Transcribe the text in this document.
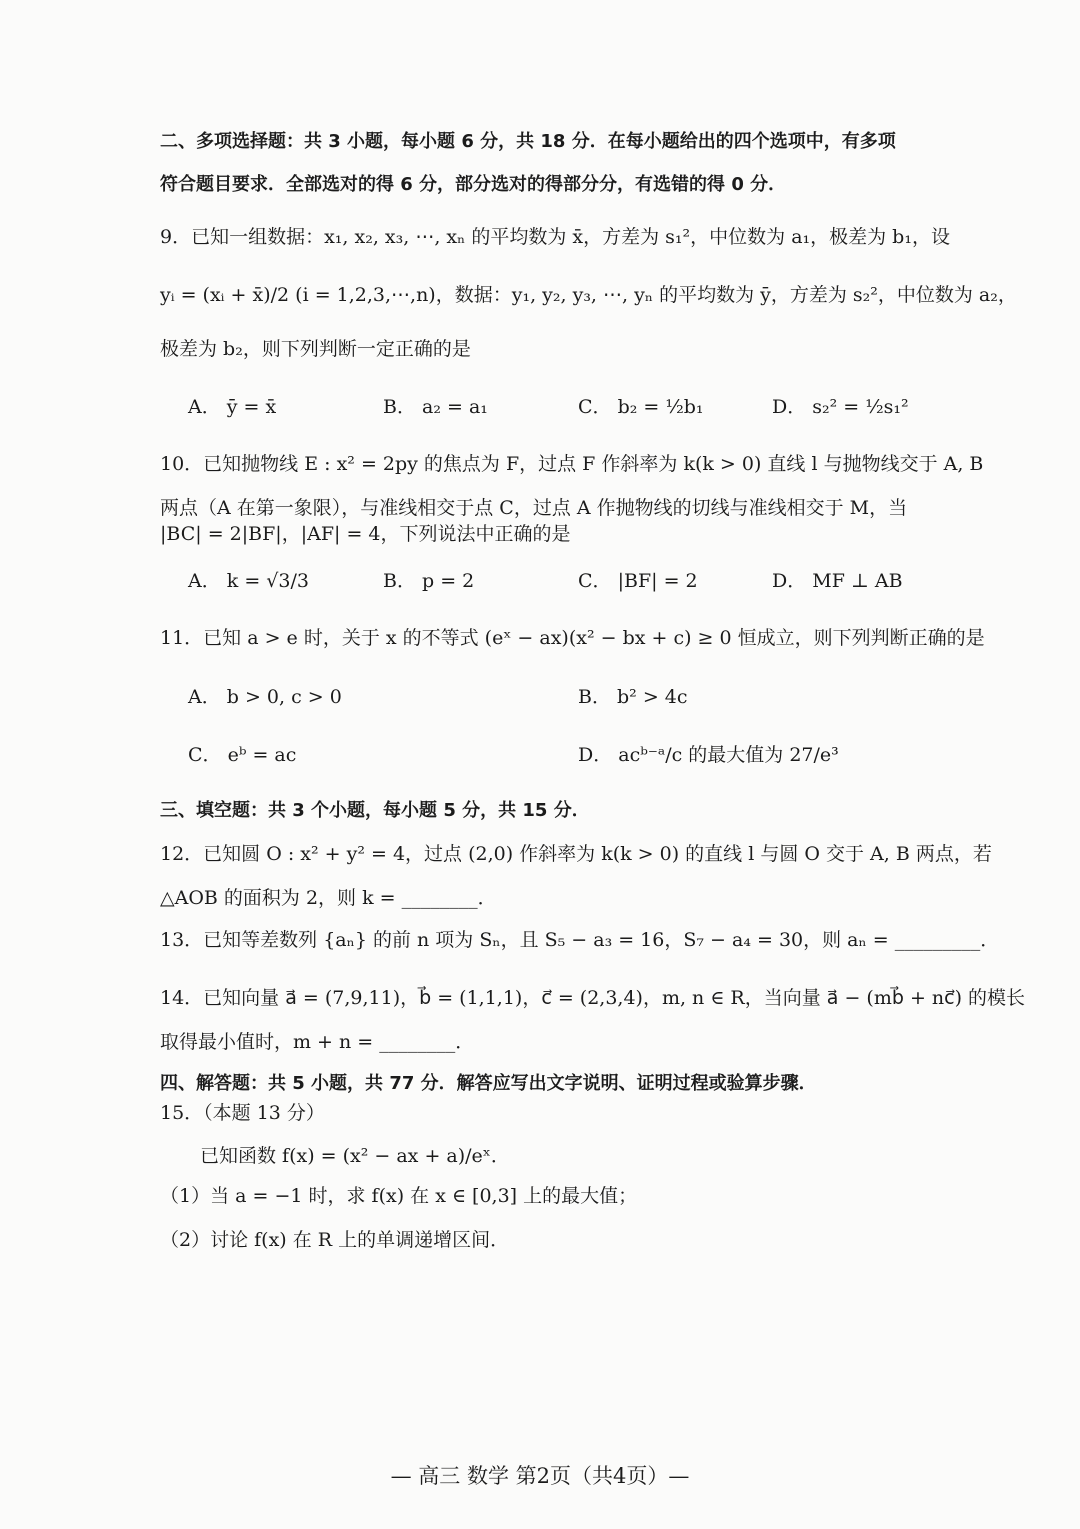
二、多项选择题：共 3 小题，每小题 6 分，共 18 分．在每小题给出的四个选项中，有多项
符合题目要求．全部选对的得 6 分，部分选对的得部分分，有选错的得 0 分．
9．已知一组数据：x₁, x₂, x₃, ⋯, xₙ 的平均数为 x̄，方差为 s₁²，中位数为 a₁，极差为 b₁，设
yᵢ = (xᵢ + x̄)/2 (i = 1,2,3,⋯,n)，数据：y₁, y₂, y₃, ⋯, yₙ 的平均数为 ȳ，方差为 s₂²，中位数为 a₂，
极差为 b₂，则下列判断一定正确的是
A． ȳ = x̄	B． a₂ = a₁	C． b₂ = ½b₁	D． s₂² = ½s₁²
10．已知抛物线 E : x² = 2py 的焦点为 F，过点 F 作斜率为 k(k > 0) 直线 l 与抛物线交于 A, B
两点（A 在第一象限），与准线相交于点 C，过点 A 作抛物线的切线与准线相交于 M，当
|BC| = 2|BF|，|AF| = 4，下列说法中正确的是
A． k = √3/3	B． p = 2	C． |BF| = 2	D． MF ⊥ AB
11．已知 a > e 时，关于 x 的不等式 (eˣ − ax)(x² − bx + c) ≥ 0 恒成立，则下列判断正确的是
A． b > 0, c > 0	B． b² > 4c
C． eᵇ = ac	D． acᵇ⁻ᵃ/c 的最大值为 27/e³
三、填空题：共 3 个小题，每小题 5 分，共 15 分．
12．已知圆 O : x² + y² = 4，过点 (2,0) 作斜率为 k(k > 0) 的直线 l 与圆 O 交于 A, B 两点，若
△AOB 的面积为 2，则 k = ________．
13．已知等差数列 {aₙ} 的前 n 项为 Sₙ，且 S₅ − a₃ = 16，S₇ − a₄ = 30，则 aₙ = _________．
14．已知向量 a⃗ = (7,9,11)，b⃗ = (1,1,1)，c⃗ = (2,3,4)，m, n ∈ R，当向量 a⃗ − (mb⃗ + nc⃗) 的模长
取得最小值时，m + n = ________．
四、解答题：共 5 小题，共 77 分．解答应写出文字说明、证明过程或验算步骤．
15．（本题 13 分）
已知函数 f(x) = (x² − ax + a)/eˣ．
（1）当 a = −1 时，求 f(x) 在 x ∈ [0,3] 上的最大值；
（2）讨论 f(x) 在 R 上的单调递增区间．
— 高三 数学 第2页（共4页）—
